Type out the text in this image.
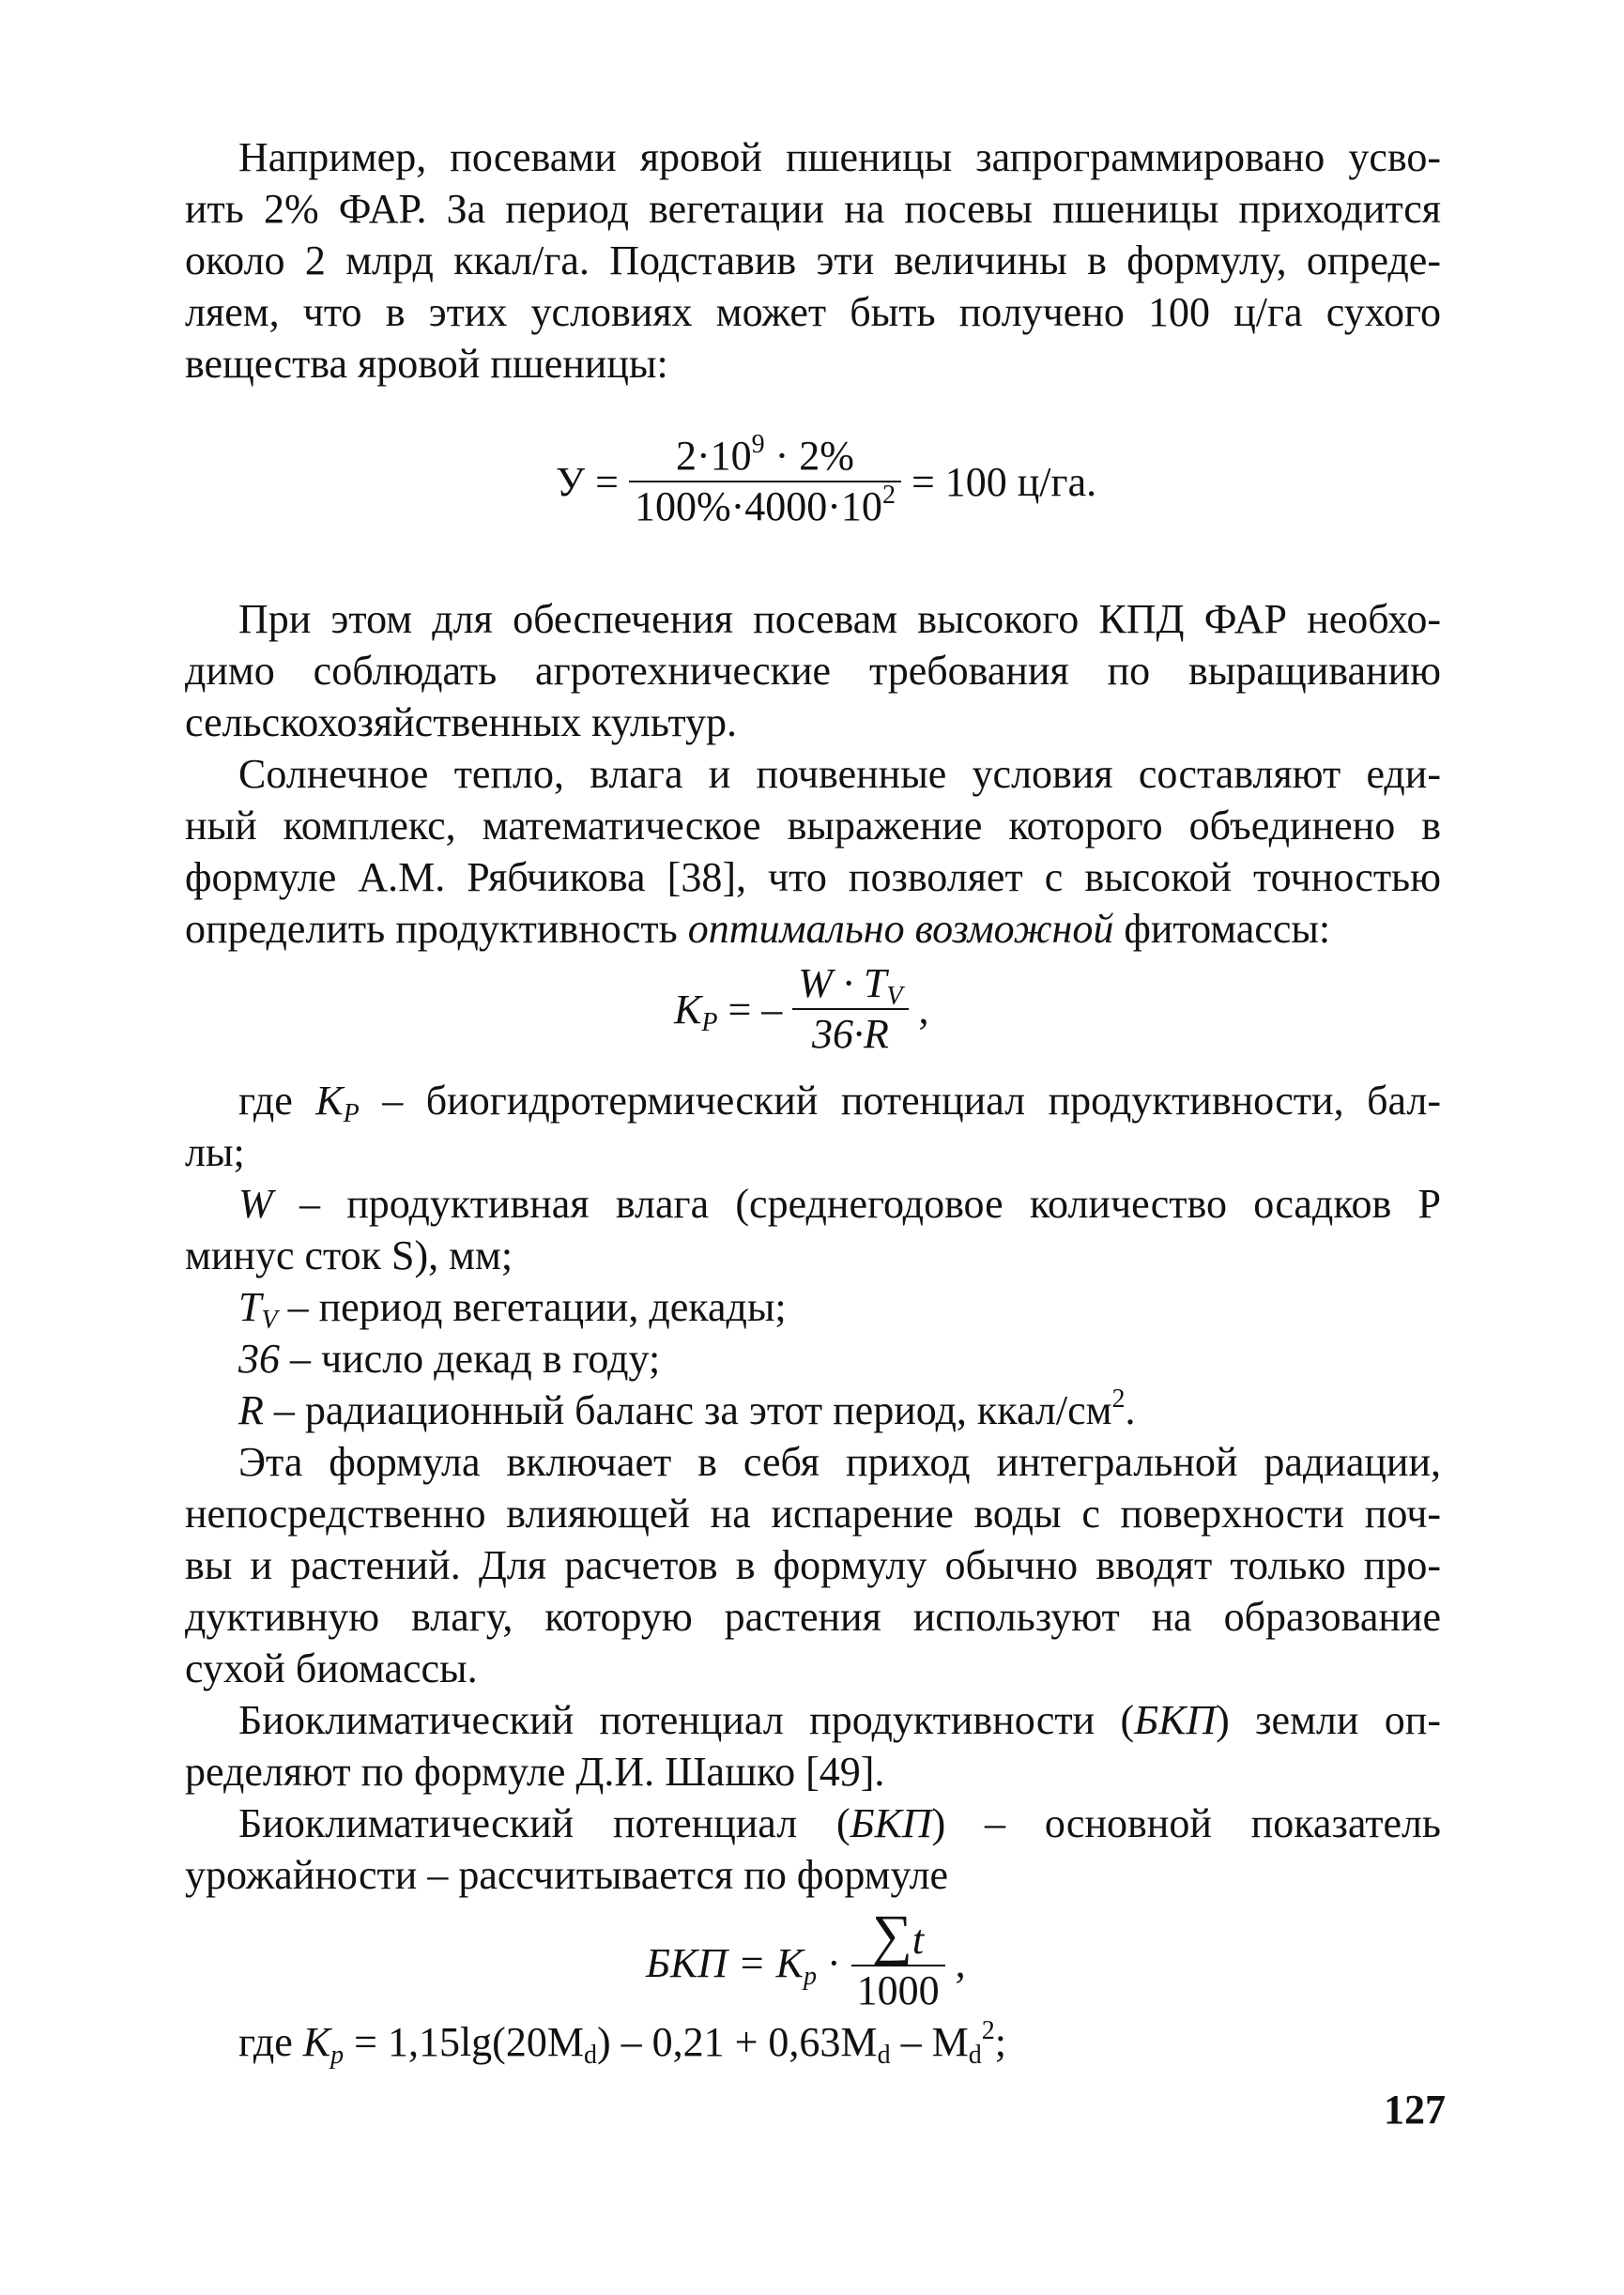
Например, посевами яровой пшеницы запрограммировано усво-
ить 2% ФАР. За период вегетации на посевы пшеницы приходится
около 2 млрд ккал/га. Подставив эти величины в формулу, опреде-
ляем, что в этих условиях может быть получено 100 ц/га сухого
вещества яровой пшеницы:
$У = \frac{2\cdot 10^9 \cdot 2\%}{100\%\cdot 4000\cdot 10^2} = 100$ ц/га.
При этом для обеспечения посевам высокого КПД ФАР необхо-
димо соблюдать агротехнические требования по выращиванию
сельскохозяйственных культур.
Солнечное тепло, влага и почвенные условия составляют еди-
ный комплекс, математическое выражение которого объединено в
формуле А.М. Рябчикова [38], что позволяет с высокой точностью
определить продуктивность оптимально возможной фитомассы:
$K_P$ = – $\frac{W \cdot T_V}{36\cdot R}$ ,
где $K_P$ – биогидротермический потенциал продуктивности, бал-
лы;
W – продуктивная влага (среднегодовое количество осадков P
минус сток S), мм;
$T_V$ – период вегетации, декады;
36 – число декад в году;
R – радиационный баланс за этот период, ккал/$см^2$.
Эта формула включает в себя приход интегральной радиации,
непосредственно влияющей на испарение воды с поверхности поч-
вы и растений. Для расчетов в формулу обычно вводят только про-
дуктивную влагу, которую растения используют на образование
сухой биомассы.
Биоклиматический потенциал продуктивности (БКП) земли оп-
ределяют по формуле Д.И. Шашко [49].
Биоклиматический потенциал (БКП) – основной показатель
урожайности – рассчитывается по формуле
БКП = $K_p \cdot \frac{\sum t}{1000}$ ,
где $K_p = 1,15\lg(20M_d) - 0,21 + 0,63M_d - M_d^2$;
127
